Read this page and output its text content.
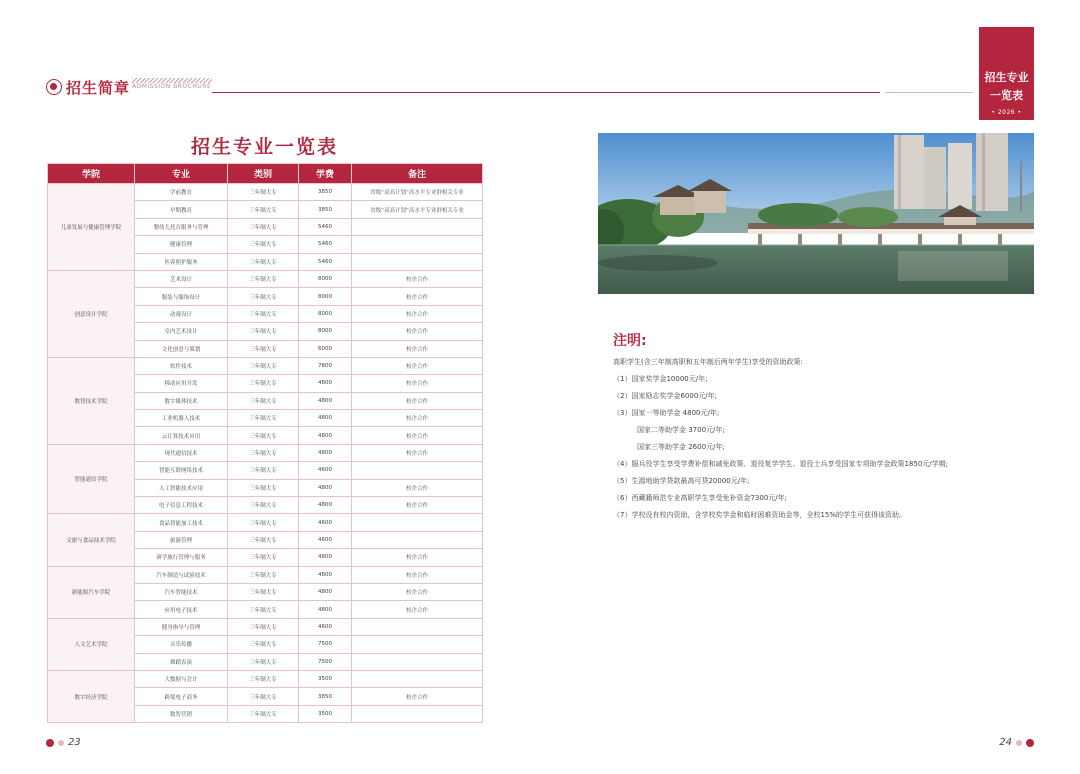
招生简章 ADMISSION BROCHURE
招生专业
一览表
• 2026 •
招生专业一览表
学院	专业	类别	学费	备注
儿童发展与健康管理学院	学前教育	三年制大专	3850	省级“双高计划”高水平专业群相关专业
	早期教育	三年制大专	3850	省级“双高计划”高水平专业群相关专业
	婴幼儿托育服务与管理	三年制大专	5460	
	健康管理	三年制大专	5460	
	医养照护服务	三年制大专	5460	
创意设计学院	艺术设计	三年制大专	8000	校企合作
	服装与服饰设计	三年制大专	8000	校企合作
	动漫设计	三年制大专	8000	校企合作
	室内艺术设计	三年制大专	8000	校企合作
	文化创意与策划	三年制大专	6000	校企合作
数智技术学院	软件技术	三年制大专	7800	校企合作
	移动应用开发	三年制大专	4800	校企合作
	数字媒体技术	三年制大专	4800	校企合作
	工业机器人技术	三年制大专	4800	校企合作
	云计算技术应用	三年制大专	4800	校企合作
智能通信学院	现代通信技术	三年制大专	4800	校企合作
	智能互联网络技术	三年制大专	4600	
	人工智能技术应用	三年制大专	4800	校企合作
	电子信息工程技术	三年制大专	4800	校企合作
文旅与食品技术学院	食品智能加工技术	三年制大专	4600	
	旅游管理	三年制大专	4600	
	研学旅行管理与服务	三年制大专	4800	校企合作
新能源汽车学院	汽车制造与试验技术	三年制大专	4800	校企合作
	汽车智能技术	三年制大专	4800	校企合作
	应用电子技术	三年制大专	4800	校企合作
人文艺术学院	健身指导与管理	三年制大专	4600	
	音乐传播	三年制大专	7500	
	舞蹈表演	三年制大专	7500	
数字经济学院	大数据与会计	三年制大专	3500	
	跨境电子商务	三年制大专	3850	校企合作
	数智营销	三年制大专	3500	
注明:
高职学生(含三年制高职和五年制后两年学生)享受的资助政策:
（1）国家奖学金10000元/年;
（2）国家励志奖学金6000元/年;
（3）国家一等助学金 4800元/年;
国家二等助学金 3700元/年;
国家三等助学金 2600元/年;
（4）服兵役学生享受学费补偿和减免政策、退役复学学生、退役士兵享受国家专项助学金政策1850元/学期;
（5）生源地助学贷款最高可贷20000元/年;
（6）西藏籍师范专业高职学生享受免补资金7300元/年;
（7）学校设有校内资助，含学校奖学金和临时困难资助金等，全校15%的学生可获得该资助。
23	24
